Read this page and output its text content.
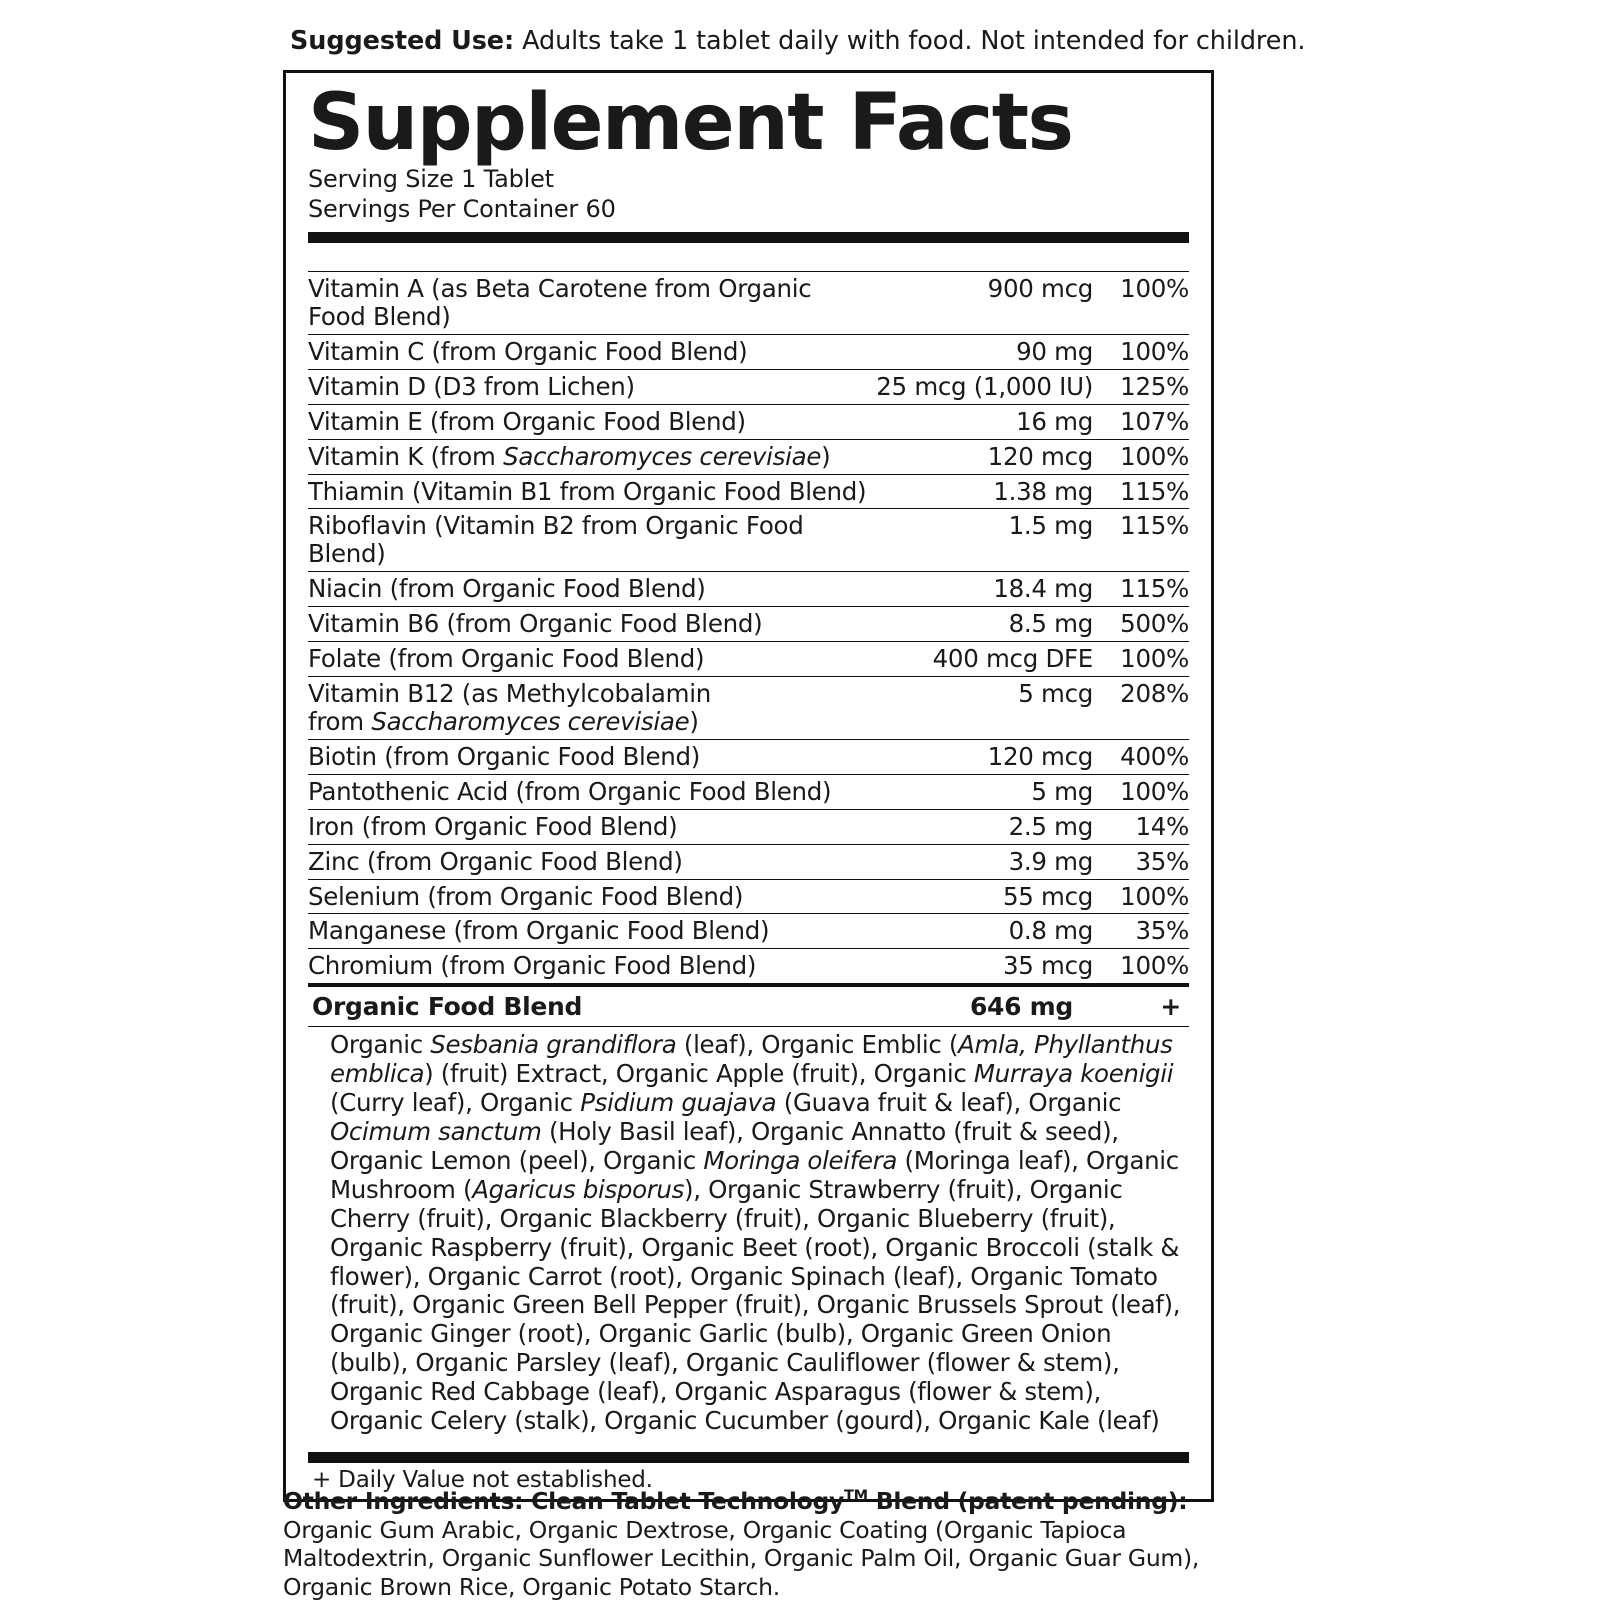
Suggested Use: Adults take 1 tablet daily with food. Not intended for children.
Supplement Facts
Serving Size 1 Tablet
Servings Per Container 60
Vitamin A (as Beta Carotene from Organic Food Blend)	900 mcg	100%
Vitamin C (from Organic Food Blend)	90 mg	100%
Vitamin D (D3 from Lichen)	25 mcg (1,000 IU)	125%
Vitamin E (from Organic Food Blend)	16 mg	107%
Vitamin K (from Saccharomyces cerevisiae)	120 mcg	100%
Thiamin (Vitamin B1 from Organic Food Blend)	1.38 mg	115%
Riboflavin (Vitamin B2 from Organic Food Blend)	1.5 mg	115%
Niacin (from Organic Food Blend)	18.4 mg	115%
Vitamin B6 (from Organic Food Blend)	8.5 mg	500%
Folate (from Organic Food Blend)	400 mcg DFE	100%
Vitamin B12 (as Methylcobalamin
from Saccharomyces cerevisiae)	5 mcg	208%
Biotin (from Organic Food Blend)	120 mcg	400%
Pantothenic Acid (from Organic Food Blend)	5 mg	100%
Iron (from Organic Food Blend)	2.5 mg	14%
Zinc (from Organic Food Blend)	3.9 mg	35%
Selenium (from Organic Food Blend)	55 mcg	100%
Manganese (from Organic Food Blend)	0.8 mg	35%
Chromium (from Organic Food Blend)	35 mcg	100%
Organic Food Blend	646 mg	+
Organic Sesbania grandiflora (leaf), Organic Emblic (Amla, Phyllanthus emblica) (fruit) Extract, Organic Apple (fruit), Organic Murraya koenigii (Curry leaf), Organic Psidium guajava (Guava fruit & leaf), Organic Ocimum sanctum (Holy Basil leaf), Organic Annatto (fruit & seed), Organic Lemon (peel), Organic Moringa oleifera (Moringa leaf), Organic Mushroom (Agaricus bisporus), Organic Strawberry (fruit), Organic Cherry (fruit), Organic Blackberry (fruit), Organic Blueberry (fruit), Organic Raspberry (fruit), Organic Beet (root), Organic Broccoli (stalk & flower), Organic Carrot (root), Organic Spinach (leaf), Organic Tomato (fruit), Organic Green Bell Pepper (fruit), Organic Brussels Sprout (leaf), Organic Ginger (root), Organic Garlic (bulb), Organic Green Onion (bulb), Organic Parsley (leaf), Organic Cauliflower (flower & stem), Organic Red Cabbage (leaf), Organic Asparagus (flower & stem), Organic Celery (stalk), Organic Cucumber (gourd), Organic Kale (leaf)
+ Daily Value not established.
Other Ingredients: Clean Tablet Technology™ Blend (patent pending): Organic Gum Arabic, Organic Dextrose, Organic Coating (Organic Tapioca Maltodextrin, Organic Sunflower Lecithin, Organic Palm Oil, Organic Guar Gum), Organic Brown Rice, Organic Potato Starch.
